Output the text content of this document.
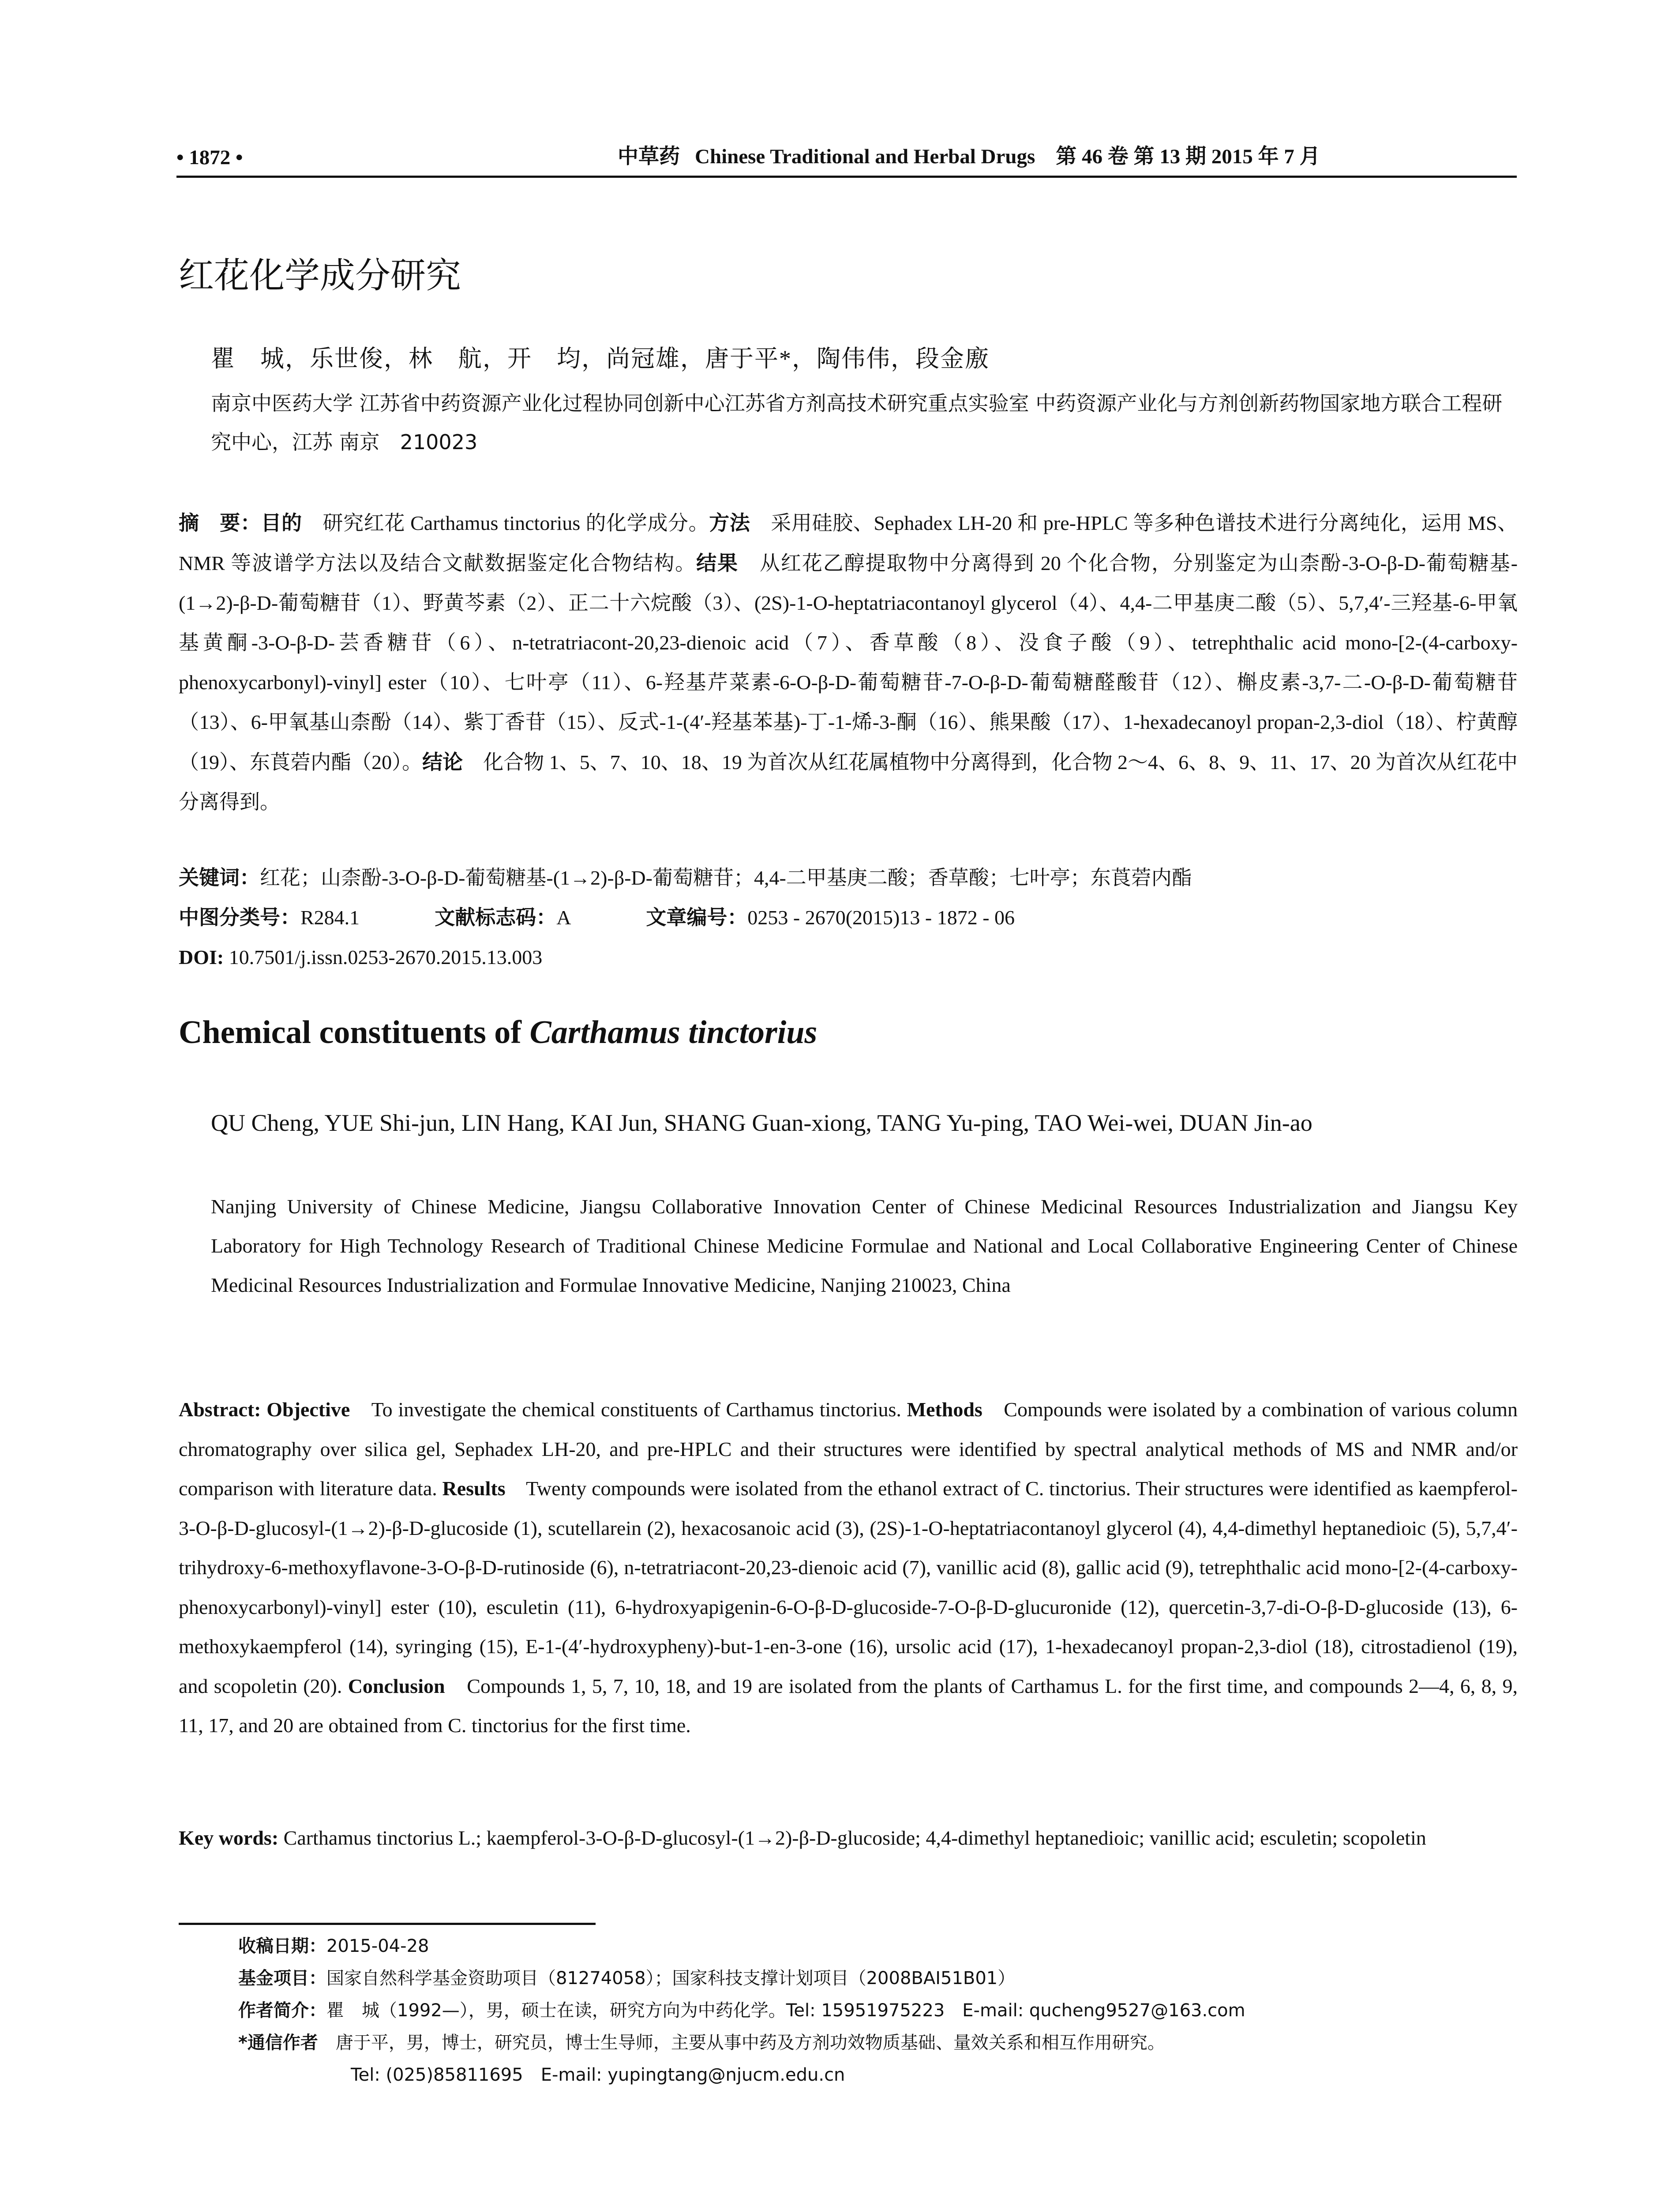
• 1872 •	中草药 Chinese Traditional and Herbal Drugs　 第 46 卷 第 13 期 2015 年 7 月
红花化学成分研究
瞿　城，乐世俊，林　航，开　均，尚冠雄，唐于平*，陶伟伟，段金廒
南京中医药大学 江苏省中药资源产业化过程协同创新中心江苏省方剂高技术研究重点实验室 中药资源产业化与方剂创新药物国家地方联合工程研究中心，江苏 南京　210023
摘　要：目的　 研究红花 Carthamus tinctorius 的化学成分。方法　 采用硅胶、Sephadex LH-20 和 pre-HPLC 等多种色谱技术进行分离纯化，运用 MS、NMR 等波谱学方法以及结合文献数据鉴定化合物结构。结果　 从红花乙醇提取物中分离得到 20 个化合物，分别鉴定为山柰酚-3-O-β-D-葡萄糖基-(1→2)-β-D-葡萄糖苷（1）、野黄芩素（2）、正二十六烷酸（3）、(2S)-1-O-heptatriacontanoyl glycerol（4）、4,4-二甲基庚二酸（5）、5,7,4′-三羟基-6-甲氧基黄酮-3-O-β-D-芸香糖苷（6）、n-tetratriacont-20,23-dienoic acid（7）、香草酸（8）、没食子酸（9）、tetrephthalic acid mono-[2-(4-carboxy-phenoxycarbonyl)-vinyl] ester（10）、七叶亭（11）、6-羟基芹菜素-6-O-β-D-葡萄糖苷-7-O-β-D-葡萄糖醛酸苷（12）、槲皮素-3,7-二-O-β-D-葡萄糖苷（13）、6-甲氧基山柰酚（14）、紫丁香苷（15）、反式-1-(4′-羟基苯基)-丁-1-烯-3-酮（16）、熊果酸（17）、1-hexadecanoyl propan-2,3-diol（18）、柠黄醇（19）、东莨菪内酯（20）。结论　 化合物 1、5、7、10、18、19 为首次从红花属植物中分离得到，化合物 2～4、6、8、9、11、17、20 为首次从红花中分离得到。
关键词：红花；山柰酚-3-O-β-D-葡萄糖基-(1→2)-β-D-葡萄糖苷；4,4-二甲基庚二酸；香草酸；七叶亭；东莨菪内酯
中图分类号：R284.1	文献标志码：A	文章编号：0253 - 2670(2015)13 - 1872 - 06
DOI: 10.7501/j.issn.0253-2670.2015.13.003
Chemical constituents of Carthamus tinctorius
QU Cheng, YUE Shi-jun, LIN Hang, KAI Jun, SHANG Guan-xiong, TANG Yu-ping, TAO Wei-wei, DUAN Jin-ao
Nanjing University of Chinese Medicine, Jiangsu Collaborative Innovation Center of Chinese Medicinal Resources Industrialization and Jiangsu Key Laboratory for High Technology Research of Traditional Chinese Medicine Formulae and National and Local Collaborative Engineering Center of Chinese Medicinal Resources Industrialization and Formulae Innovative Medicine, Nanjing 210023, China
Abstract: Objective　 To investigate the chemical constituents of Carthamus tinctorius. Methods　 Compounds were isolated by a combination of various column chromatography over silica gel, Sephadex LH-20, and pre-HPLC and their structures were identified by spectral analytical methods of MS and NMR and/or comparison with literature data. Results　 Twenty compounds were isolated from the ethanol extract of C. tinctorius. Their structures were identified as kaempferol-3-O-β-D-glucosyl-(1→2)-β-D-glucoside (1), scutellarein (2), hexacosanoic acid (3), (2S)-1-O-heptatriacontanoyl glycerol (4), 4,4-dimethyl heptanedioic (5), 5,7,4′-trihydroxy-6-methoxyflavone-3-O-β-D-rutinoside (6), n-tetratriacont-20,23-dienoic acid (7), vanillic acid (8), gallic acid (9), tetrephthalic acid mono-[2-(4-carboxy-phenoxycarbonyl)-vinyl] ester (10), esculetin (11), 6-hydroxyapigenin-6-O-β-D-glucoside-7-O-β-D-glucuronide (12), quercetin-3,7-di-O-β-D-glucoside (13), 6-methoxykaempferol (14), syringing (15), E-1-(4′-hydroxypheny)-but-1-en-3-one (16), ursolic acid (17), 1-hexadecanoyl propan-2,3-diol (18), citrostadienol (19), and scopoletin (20). Conclusion　 Compounds 1, 5, 7, 10, 18, and 19 are isolated from the plants of Carthamus L. for the first time, and compounds 2—4, 6, 8, 9, 11, 17, and 20 are obtained from C. tinctorius for the first time.
Key words: Carthamus tinctorius L.; kaempferol-3-O-β-D-glucosyl-(1→2)-β-D-glucoside; 4,4-dimethyl heptanedioic; vanillic acid; esculetin; scopoletin
收稿日期：2015-04-28
基金项目：国家自然科学基金资助项目（81274058）；国家科技支撑计划项目（2008BAI51B01）
作者简介：瞿　城（1992—），男，硕士在读，研究方向为中药化学。Tel: 15951975223　E-mail: qucheng9527@163.com
*通信作者　 唐于平，男，博士，研究员，博士生导师，主要从事中药及方剂功效物质基础、量效关系和相互作用研究。
Tel: (025)85811695　E-mail: yupingtang@njucm.edu.cn
